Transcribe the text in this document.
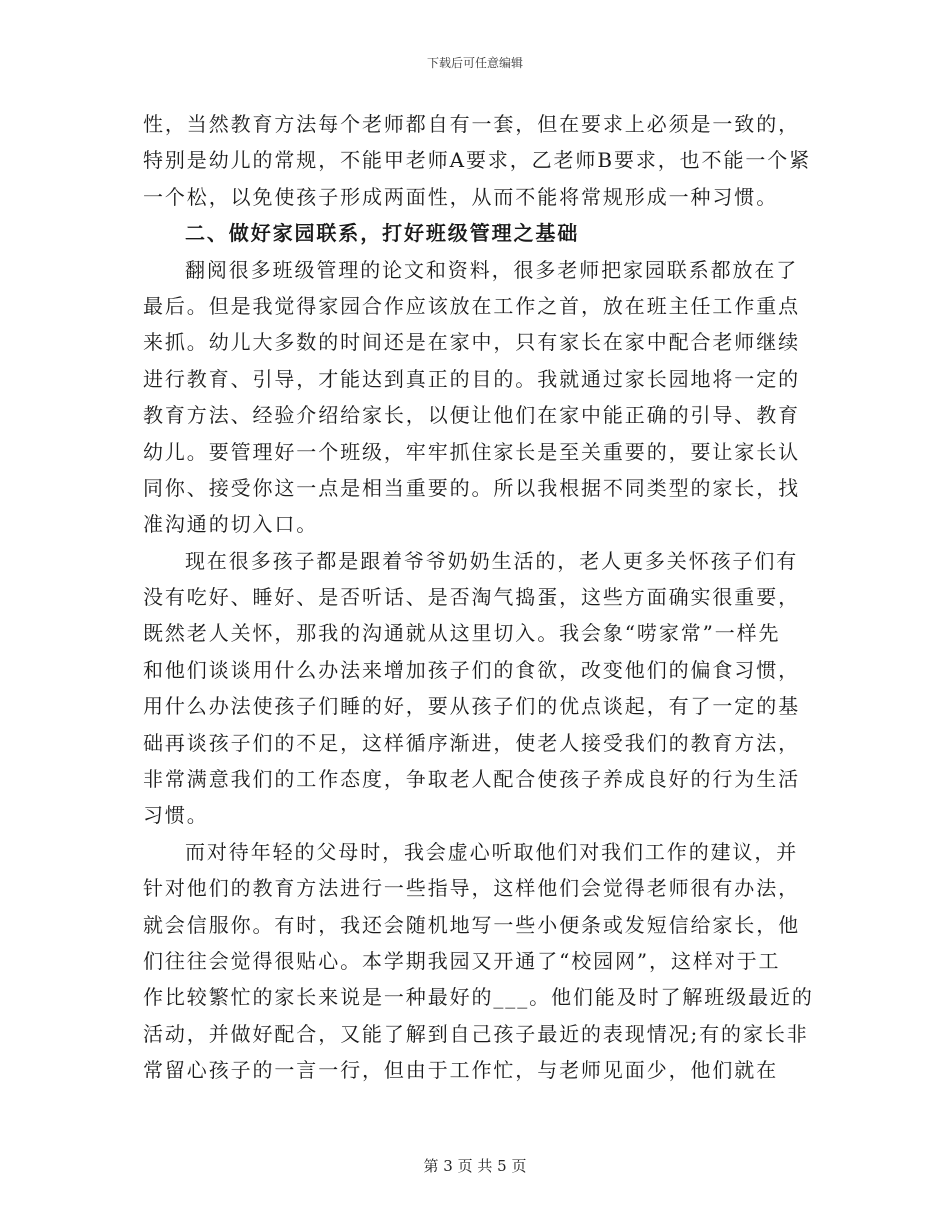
下载后可任意编辑
性，当然教育方法每个老师都自有一套，但在要求上必须是一致的，
特别是幼儿的常规，不能甲老师A要求，乙老师B要求，也不能一个紧
一个松，以免使孩子形成两面性，从而不能将常规形成一种习惯。
二、做好家园联系，打好班级管理之基础
翻阅很多班级管理的论文和资料，很多老师把家园联系都放在了
最后。但是我觉得家园合作应该放在工作之首，放在班主任工作重点
来抓。幼儿大多数的时间还是在家中，只有家长在家中配合老师继续
进行教育、引导，才能达到真正的目的。我就通过家长园地将一定的
教育方法、经验介绍给家长，以便让他们在家中能正确的引导、教育
幼儿。要管理好一个班级，牢牢抓住家长是至关重要的，要让家长认
同你、接受你这一点是相当重要的。所以我根据不同类型的家长，找
准沟通的切入口。
现在很多孩子都是跟着爷爷奶奶生活的，老人更多关怀孩子们有
没有吃好、睡好、是否听话、是否淘气捣蛋，这些方面确实很重要，
既然老人关怀，那我的沟通就从这里切入。我会象“唠家常”一样先
和他们谈谈用什么办法来增加孩子们的食欲，改变他们的偏食习惯，
用什么办法使孩子们睡的好，要从孩子们的优点谈起，有了一定的基
础再谈孩子们的不足，这样循序渐进，使老人接受我们的教育方法，
非常满意我们的工作态度，争取老人配合使孩子养成良好的行为生活
习惯。
而对待年轻的父母时，我会虚心听取他们对我们工作的建议，并
针对他们的教育方法进行一些指导，这样他们会觉得老师很有办法，
就会信服你。有时，我还会随机地写一些小便条或发短信给家长，他
们往往会觉得很贴心。本学期我园又开通了“校园网”，这样对于工
作比较繁忙的家长来说是一种最好的___。他们能及时了解班级最近的
活动，并做好配合，又能了解到自己孩子最近的表现情况;有的家长非
常留心孩子的一言一行，但由于工作忙，与老师见面少，他们就在
第 3 页 共 5 页
